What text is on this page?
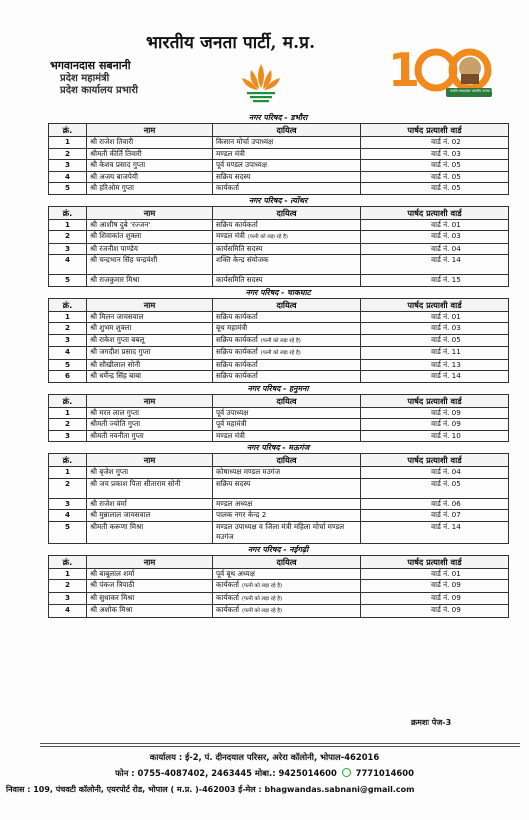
भारतीय जनता पार्टी, म.प्र.
भगवानदास सबनानी
प्रदेश महामंत्री
प्रदेश कार्यालय प्रभारी	1	नमामि मध्यप्रदेश भारतीय जनता पार्टी
नगर परिषद - डभौरा
क्रं.	नाम	दायित्व	पार्षद प्रत्याशी वार्ड
1	श्री राजेश तिवारी	किसान मोर्चा उपाध्यक्ष	वार्ड नं. 02
2	श्रीमती कीर्ति तिवारी	मण्डल मंत्री	वार्ड नं. 03
3	श्री केशव प्रसाद गुप्ता	पूर्व मण्डल उपाध्यक्ष	वार्ड नं. 05
4	श्री अजय बाजपेयी	सक्रिय सदस्य	वार्ड नं. 05
5	श्री हरिओम गुप्ता	कार्यकर्ता	वार्ड नं. 05
नगर परिषद - त्योंथर
क्रं.	नाम	दायित्व	पार्षद प्रत्याशी वार्ड
1	श्री आशीष दुबे 'रज्जन'	सक्रिय कार्यकर्ता	वार्ड नं. 01
2	श्री शिवाकांत शुक्ला	मण्डल मंत्री (पत्नी को लड़ा रहे है)	वार्ड नं. 03
3	श्री रजनीश पाण्डेय	कार्यसमिति सदस्य	वार्ड नं. 04
4	श्री चन्द्रभान सिंह चन्द्रवंशी	शक्ति केन्द्र संयोजक	वार्ड नं. 14
5	श्री राजकुमार मिश्रा	कार्यसमिति सदस्य	वार्ड नं. 15
नगर परिषद - चाकघाट
क्रं.	नाम	दायित्व	पार्षद प्रत्याशी वार्ड
1	श्री मिलन जायसवाल	सक्रिय कार्यकर्ता	वार्ड नं. 01
2	श्री शुभम शुक्ला	बूथ महामंत्री	वार्ड नं. 03
3	श्री राकेश गुप्ता बबलू	सक्रिय कार्यकर्ता (पत्नी को लड़ा रहे है)	वार्ड नं. 05
4	श्री जगदीश प्रसाद गुप्ता	सक्रिय कार्यकर्ता (पत्नी को लड़ा रहे है)	वार्ड नं. 11
5	श्री सौखीलाल सोनी	सक्रिय कार्यकर्ता	वार्ड नं. 13
6	श्री धर्मेन्द्र सिंह बाबा	सक्रिय कार्यकर्ता	वार्ड नं. 14
नगर परिषद - हनुमना
क्रं.	नाम	दायित्व	पार्षद प्रत्याशी वार्ड
1	श्री मरत लाल गुप्ता	पूर्व उपाध्यक्ष	वार्ड नं. 09
2	श्रीमती ज्योति गुप्ता	पूर्व महामंत्री	वार्ड नं. 09
3	श्रीमती नवनीता गुप्ता	मण्डल मंत्री	वार्ड नं. 10
नगर परिषद - मऊगंज
क्रं.	नाम	दायित्व	पार्षद प्रत्याशी वार्ड
1	श्री बृजेश गुप्ता	कोषाध्यक्ष मण्डल मउगंज	वार्ड नं. 04
2	श्री जय प्रकाश पिता सीताराम सोनी	सक्रिय सदस्य	वार्ड नं. 05
3	श्री राजेश वर्मा	मण्डल अध्यक्ष	वार्ड नं. 06
4	श्री मुन्नालाल जायसवाल	पालक नगर केन्द्र 2	वार्ड नं. 07
5	श्रीमती करूणा मिश्रा	मण्डल उपाध्यक्ष व जिला मंत्री महिला मोर्चा मण्डल मउगंज	वार्ड नं. 14
नगर परिषद - नईगढ़ी
क्रं.	नाम	दायित्व	पार्षद प्रत्याशी वार्ड
1	श्री बाबूलाल शर्मा	पूर्व बूथ अध्यक्ष	वार्ड नं. 01
2	श्री पंकज त्रिपाठी	कार्यकर्ता (पत्नी को लड़ा रहे है)	वार्ड नं. 09
3	श्री सुधाकर मिश्रा	कार्यकर्ता (पत्नी को लड़ा रहे है)	वार्ड नं. 09
4	श्री अशोक मिश्रा	कार्यकर्ता (पत्नी को लड़ा रहे है)	वार्ड नं. 09
क्रमशः पेज-3
कार्यालय : ई-2, पं. दीनदयाल परिसर, अरेरा कॉलोनी, भोपाल-462016
फोन : 0755-4087402, 2463445 मोबा.: 9425014600 7771014600
निवास : 109, पंचवटी कॉलोनी, एयरपोर्ट रोड, भोपाल ( म.प्र. )-462003 ई-मेल : bhagwandas.sabnani@gmail.com
